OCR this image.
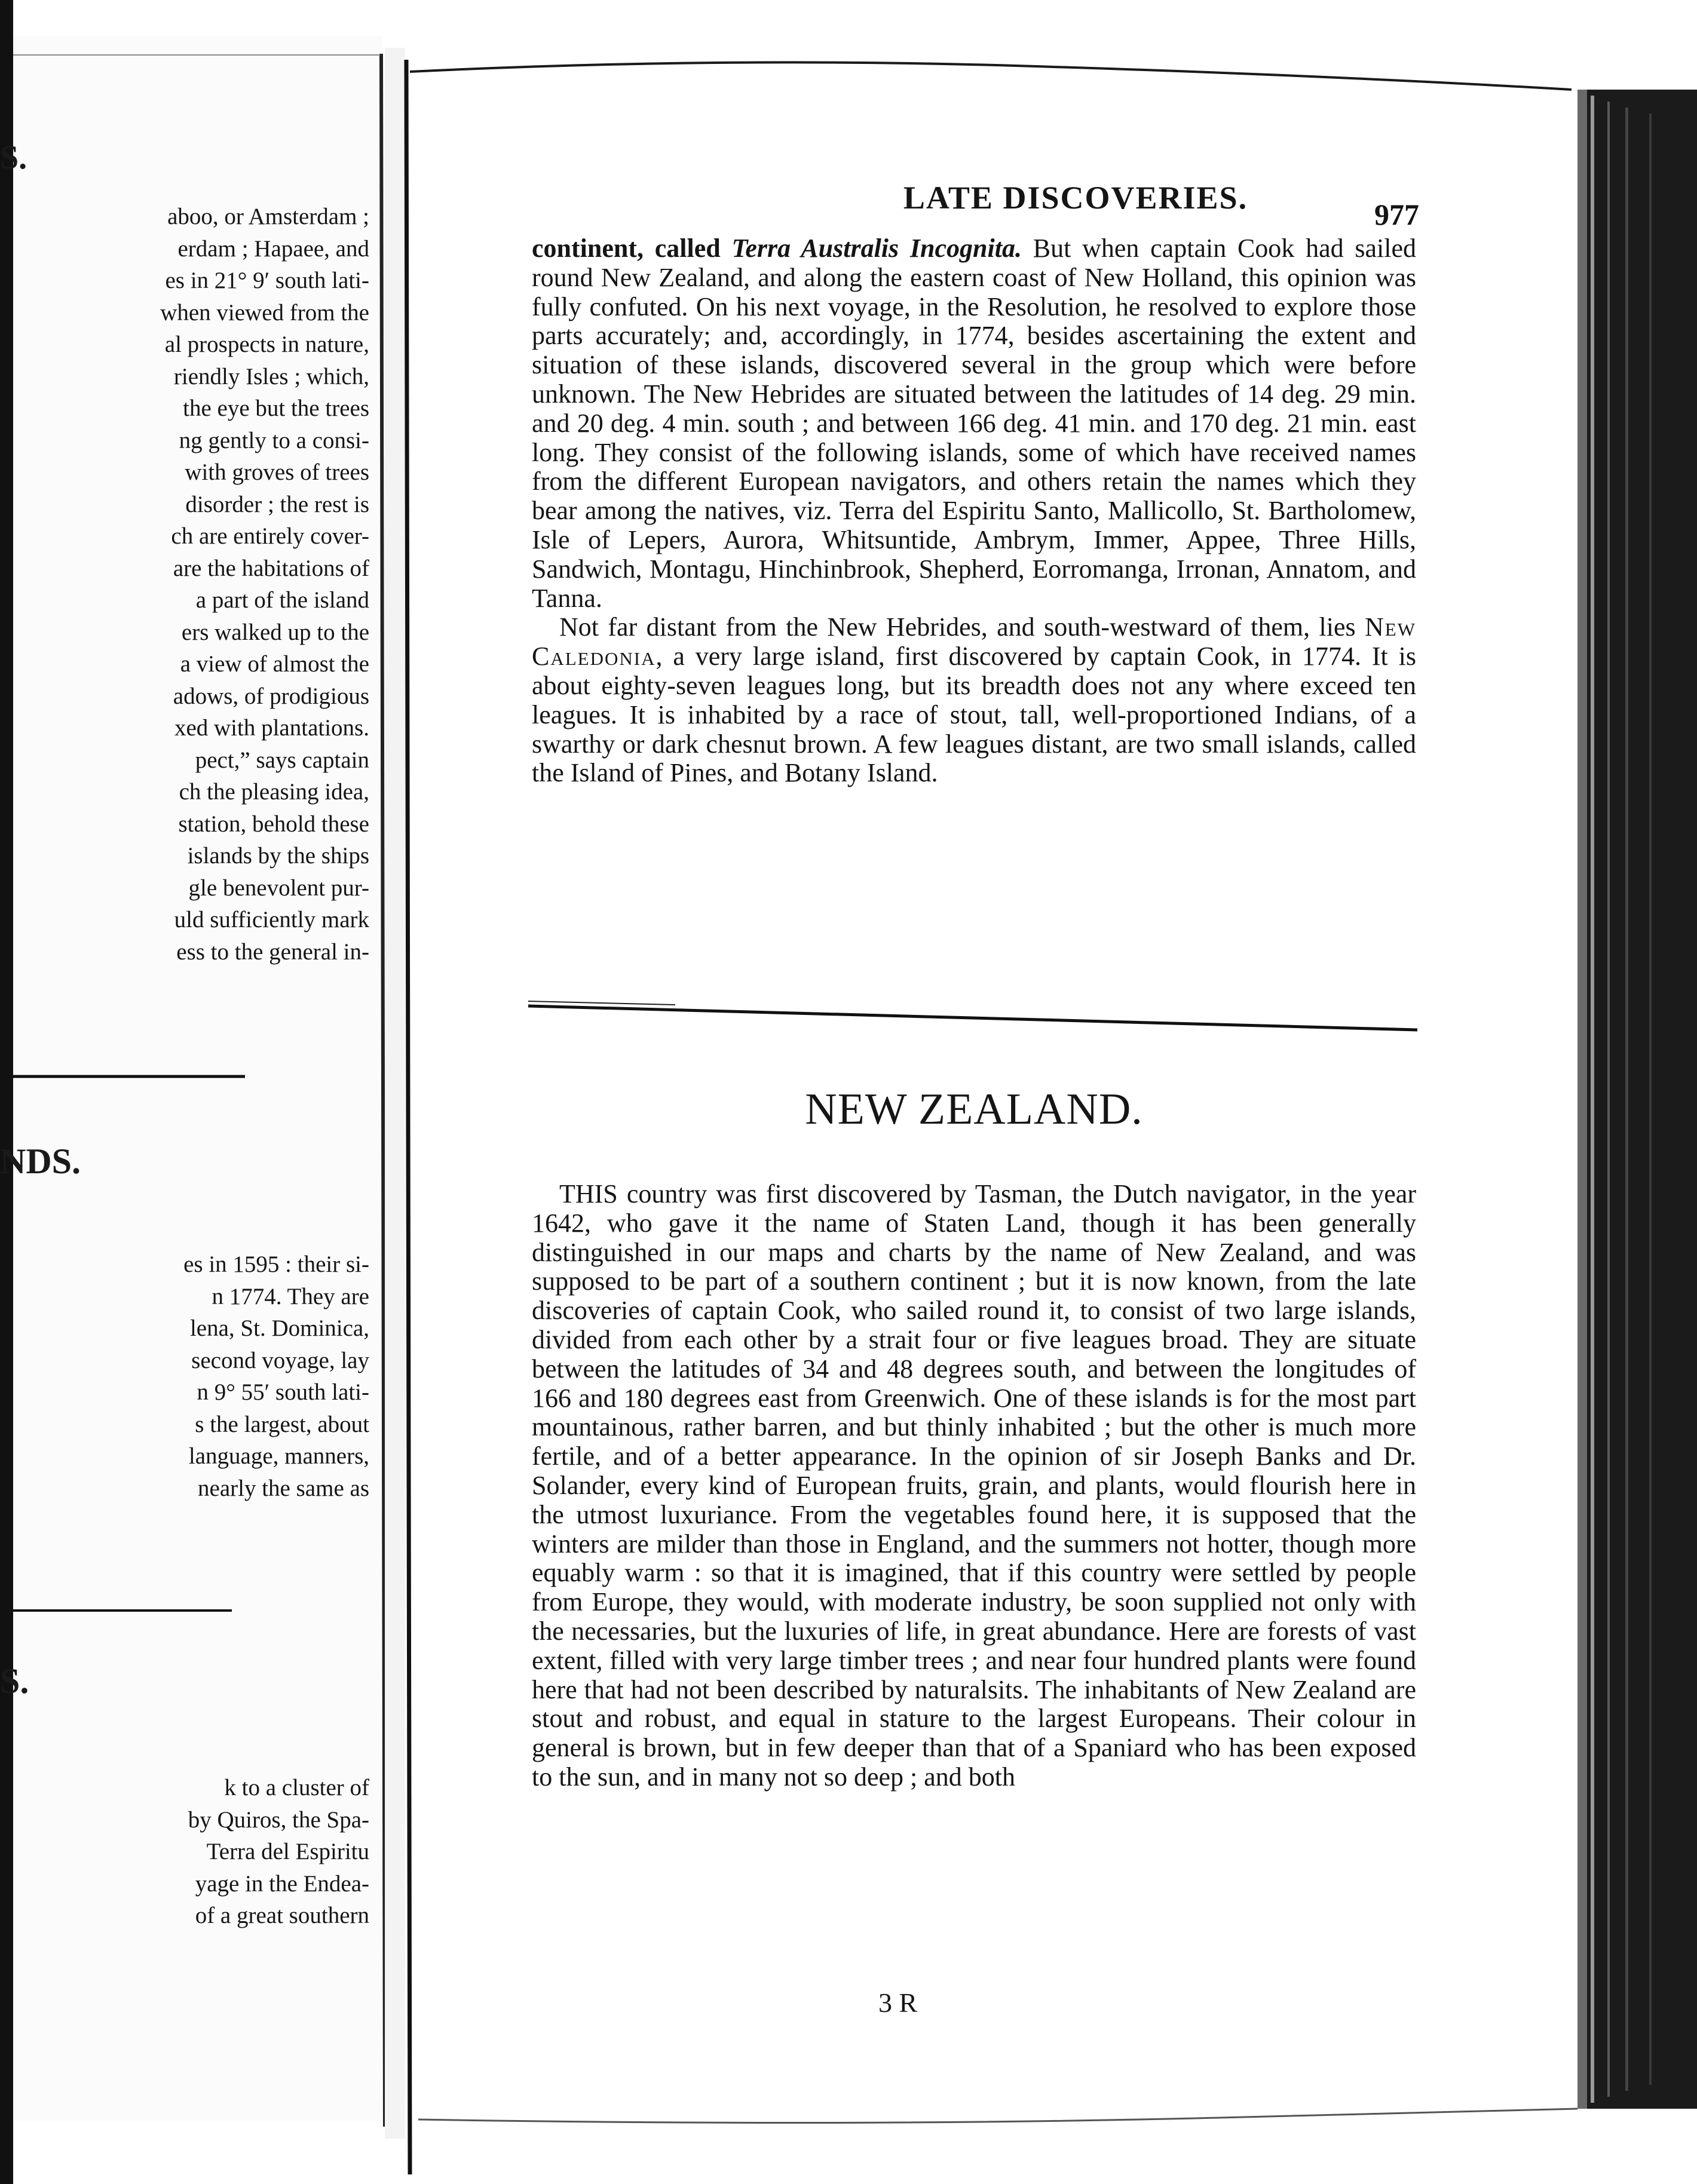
S.
aboo, or Amsterdam ;
erdam ; Hapaee, and
es in 21° 9′ south lati-
when viewed from the
al prospects in nature,
riendly Isles ; which,
the eye but the trees
ng gently to a consi-
with groves of trees
disorder ; the rest is
ch are entirely cover-
are the habitations of
a part of the island
ers walked up to the
a view of almost the
adows, of prodigious
xed with plantations.
pect,” says captain
ch the pleasing idea,
station, behold these
islands by the ships
gle benevolent pur-
uld sufficiently mark
ess to the general in-
NDS.
es in 1595 : their si-
n 1774. They are
lena, St. Dominica,
second voyage, lay
n 9° 55′ south lati-
s the largest, about
language, manners,
nearly the same as
S.
k to a cluster of
by Quiros, the Spa-
Terra del Espiritu
yage in the Endea-
of a great southern
LATE DISCOVERIES.	977

continent, called Terra Australis Incognita. But when captain Cook had sailed round New Zealand, and along the eastern coast of New Holland, this opinion was fully confuted. On his next voyage, in the Resolution, he resolved to explore those parts accurately; and, accordingly, in 1774, besides ascertaining the extent and situation of these islands, discovered several in the group which were before unknown. The New Hebrides are situated between the latitudes of 14 deg. 29 min. and 20 deg. 4 min. south ; and between 166 deg. 41 min. and 170 deg. 21 min. east long. They consist of the following islands, some of which have received names from the different European navigators, and others retain the names which they bear among the natives, viz. Terra del Espiritu Santo, Mallicollo, St. Bartholomew, Isle of Lepers, Aurora, Whitsuntide, Ambrym, Immer, Appee, Three Hills, Sandwich, Montagu, Hinchinbrook, Shepherd, Eorromanga, Irronan, Annatom, and Tanna.

Not far distant from the New Hebrides, and south-westward of them, lies New Caledonia, a very large island, first discovered by captain Cook, in 1774. It is about eighty-seven leagues long, but its breadth does not any where exceed ten leagues. It is inhabited by a race of stout, tall, well-proportioned Indians, of a swarthy or dark chesnut brown. A few leagues distant, are two small islands, called the Island of Pines, and Botany Island.

NEW ZEALAND.

THIS country was first discovered by Tasman, the Dutch navigator, in the year 1642, who gave it the name of Staten Land, though it has been generally distinguished in our maps and charts by the name of New Zealand, and was supposed to be part of a southern continent ; but it is now known, from the late discoveries of captain Cook, who sailed round it, to consist of two large islands, divided from each other by a strait four or five leagues broad. They are situate between the latitudes of 34 and 48 degrees south, and between the longitudes of 166 and 180 degrees east from Greenwich. One of these islands is for the most part mountainous, rather barren, and but thinly inhabited ; but the other is much more fertile, and of a better appearance. In the opinion of sir Joseph Banks and Dr. Solander, every kind of European fruits, grain, and plants, would flourish here in the utmost luxuriance. From the vegetables found here, it is supposed that the winters are milder than those in England, and the summers not hotter, though more equably warm : so that it is imagined, that if this country were settled by people from Europe, they would, with moderate industry, be soon supplied not only with the necessaries, but the luxuries of life, in great abundance. Here are forests of vast extent, filled with very large timber trees ; and near four hundred plants were found here that had not been described by naturalsits. The inhabitants of New Zealand are stout and robust, and equal in stature to the largest Europeans. Their colour in general is brown, but in few deeper than that of a Spaniard who has been exposed to the sun, and in many not so deep ; and both

3 R
